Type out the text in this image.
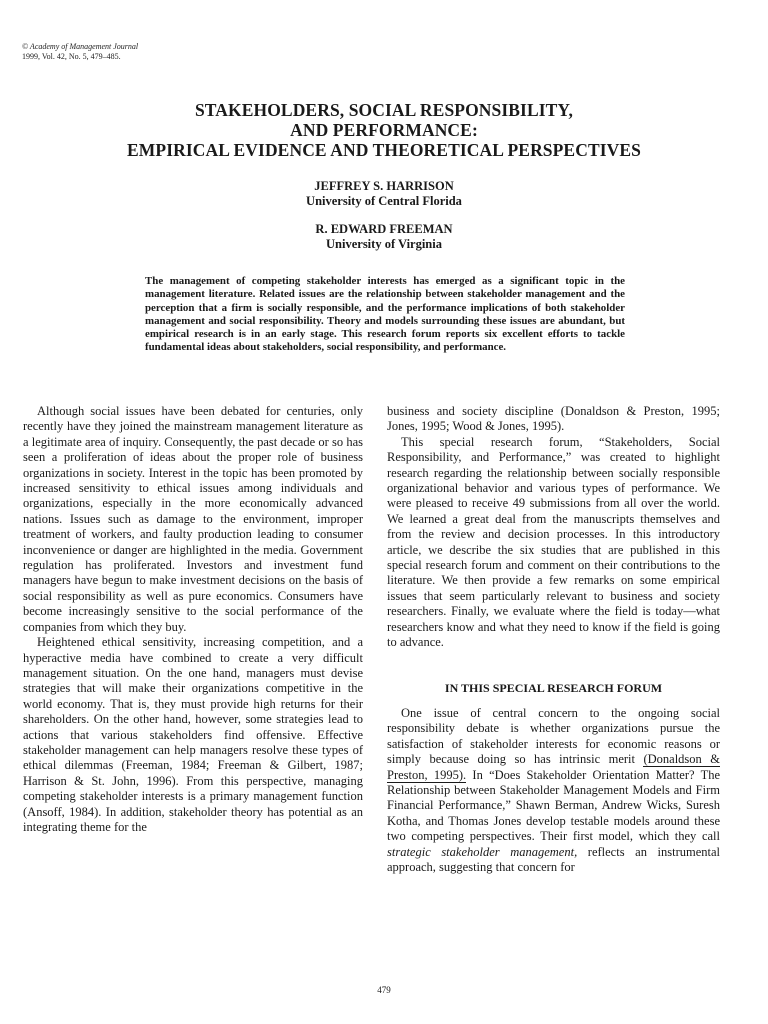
© Academy of Management Journal
1999, Vol. 42, No. 5, 479–485.
STAKEHOLDERS, SOCIAL RESPONSIBILITY,
AND PERFORMANCE:
EMPIRICAL EVIDENCE AND THEORETICAL PERSPECTIVES
JEFFREY S. HARRISON
University of Central Florida
R. EDWARD FREEMAN
University of Virginia
The management of competing stakeholder interests has emerged as a significant topic in the management literature. Related issues are the relationship between stakeholder management and the perception that a firm is socially responsible, and the performance implications of both stakeholder management and social responsibility. Theory and models surrounding these issues are abundant, but empirical research is in an early stage. This research forum reports six excellent efforts to tackle fundamental ideas about stakeholders, social responsibility, and performance.

Although social issues have been debated for centuries, only recently have they joined the mainstream management literature as a legitimate area of inquiry. Consequently, the past decade or so has seen a proliferation of ideas about the proper role of business organizations in society. Interest in the topic has been promoted by increased sensitivity to ethical issues among individuals and organizations, especially in the more economically advanced nations. Issues such as damage to the environment, improper treatment of workers, and faulty production leading to consumer inconvenience or danger are highlighted in the media. Government regulation has proliferated. Investors and investment fund managers have begun to make investment decisions on the basis of social responsibility as well as pure economics. Consumers have become increasingly sensitive to the social performance of the companies from which they buy.

Heightened ethical sensitivity, increasing competition, and a hyperactive media have combined to create a very difficult management situation. On the one hand, managers must devise strategies that will make their organizations competitive in the world economy. That is, they must provide high returns for their shareholders. On the other hand, however, some strategies lead to actions that various stakeholders find offensive. Effective stakeholder management can help managers resolve these types of ethical dilemmas (Freeman, 1984; Freeman & Gilbert, 1987; Harrison & St. John, 1996). From this perspective, managing competing stakeholder interests is a primary management function (Ansoff, 1984). In addition, stakeholder theory has potential as an integrating theme for the

business and society discipline (Donaldson & Preston, 1995; Jones, 1995; Wood & Jones, 1995).

This special research forum, “Stakeholders, Social Responsibility, and Performance,” was created to highlight research regarding the relationship between socially responsible organizational behavior and various types of performance. We were pleased to receive 49 submissions from all over the world. We learned a great deal from the manuscripts themselves and from the review and decision processes. In this introductory article, we describe the six studies that are published in this special research forum and comment on their contributions to the literature. We then provide a few remarks on some empirical issues that seem particularly relevant to business and society researchers. Finally, we evaluate where the field is today—what researchers know and what they need to know if the field is going to advance.

IN THIS SPECIAL RESEARCH FORUM

One issue of central concern to the ongoing social responsibility debate is whether organizations pursue the satisfaction of stakeholder interests for economic reasons or simply because doing so has intrinsic merit (Donaldson & Preston, 1995). In “Does Stakeholder Orientation Matter? The Relationship between Stakeholder Management Models and Firm Financial Performance,” Shawn Berman, Andrew Wicks, Suresh Kotha, and Thomas Jones develop testable models around these two competing perspectives. Their first model, which they call strategic stakeholder management, reflects an instrumental approach, suggesting that concern for

479
